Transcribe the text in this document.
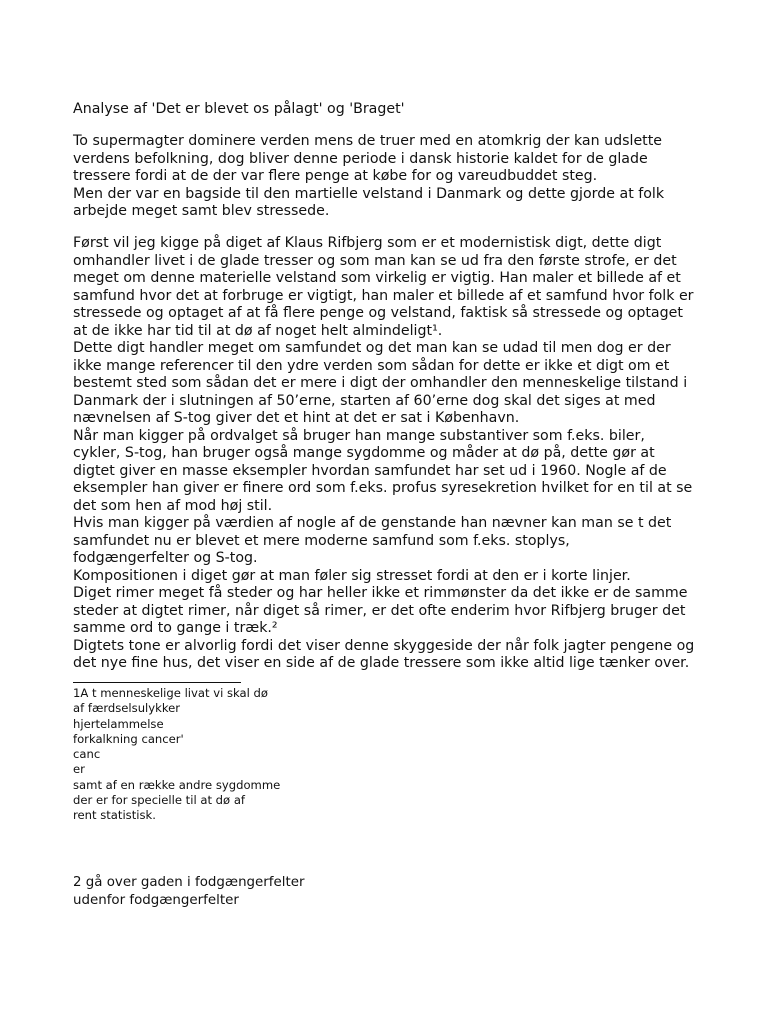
Analyse af 'Det er blevet os pålagt' og 'Braget'
To supermagter dominere verden mens de truer med en atomkrig der kan udslette
verdens befolkning, dog bliver denne periode i dansk historie kaldet for de glade
tressere fordi at de der var flere penge at købe for og vareudbuddet steg.
Men der var en bagside til den martielle velstand i Danmark og dette gjorde at folk
arbejde meget samt blev stressede.
Først vil jeg kigge på diget af Klaus Rifbjerg som er et modernistisk digt, dette digt
omhandler livet i de glade tresser og som man kan se ud fra den første strofe, er det
meget om denne materielle velstand som virkelig er vigtig. Han maler et billede af et
samfund hvor det at forbruge er vigtigt, han maler et billede af et samfund hvor folk er
stressede og optaget af at få flere penge og velstand, faktisk så stressede og optaget
at de ikke har tid til at dø af noget helt almindeligt¹.
Dette digt handler meget om samfundet og det man kan se udad til men dog er der
ikke mange referencer til den ydre verden som sådan for dette er ikke et digt om et
bestemt sted som sådan det er mere i digt der omhandler den menneskelige tilstand i
Danmark der i slutningen af 50’erne, starten af 60’erne dog skal det siges at med
nævnelsen af S-tog giver det et hint at det er sat i København.
Når man kigger på ordvalget så bruger han mange substantiver som f.eks. biler,
cykler, S-tog, han bruger også mange sygdomme og måder at dø på, dette gør at
digtet giver en masse eksempler hvordan samfundet har set ud i 1960. Nogle af de
eksempler han giver er finere ord som f.eks. profus syresekretion hvilket for en til at se
det som hen af mod høj stil.
Hvis man kigger på værdien af nogle af de genstande han nævner kan man se t det
samfundet nu er blevet et mere moderne samfund som f.eks. stoplys,
fodgængerfelter og S-tog.
Kompositionen i diget gør at man føler sig stresset fordi at den er i korte linjer.
Diget rimer meget få steder og har heller ikke et rimmønster da det ikke er de samme
steder at digtet rimer, når diget så rimer, er det ofte enderim hvor Rifbjerg bruger det
samme ord to gange i træk.²
Digtets tone er alvorlig fordi det viser denne skyggeside der når folk jagter pengene og
det nye fine hus, det viser en side af de glade tressere som ikke altid lige tænker over.
1A t menneskelige livat vi skal dø
af færdselsulykker
hjertelammelse
forkalkning cancer'
canc
er
samt af en række andre sygdomme
der er for specielle til at dø af
rent statistisk.
2 gå over gaden i fodgængerfelter
udenfor fodgængerfelter
